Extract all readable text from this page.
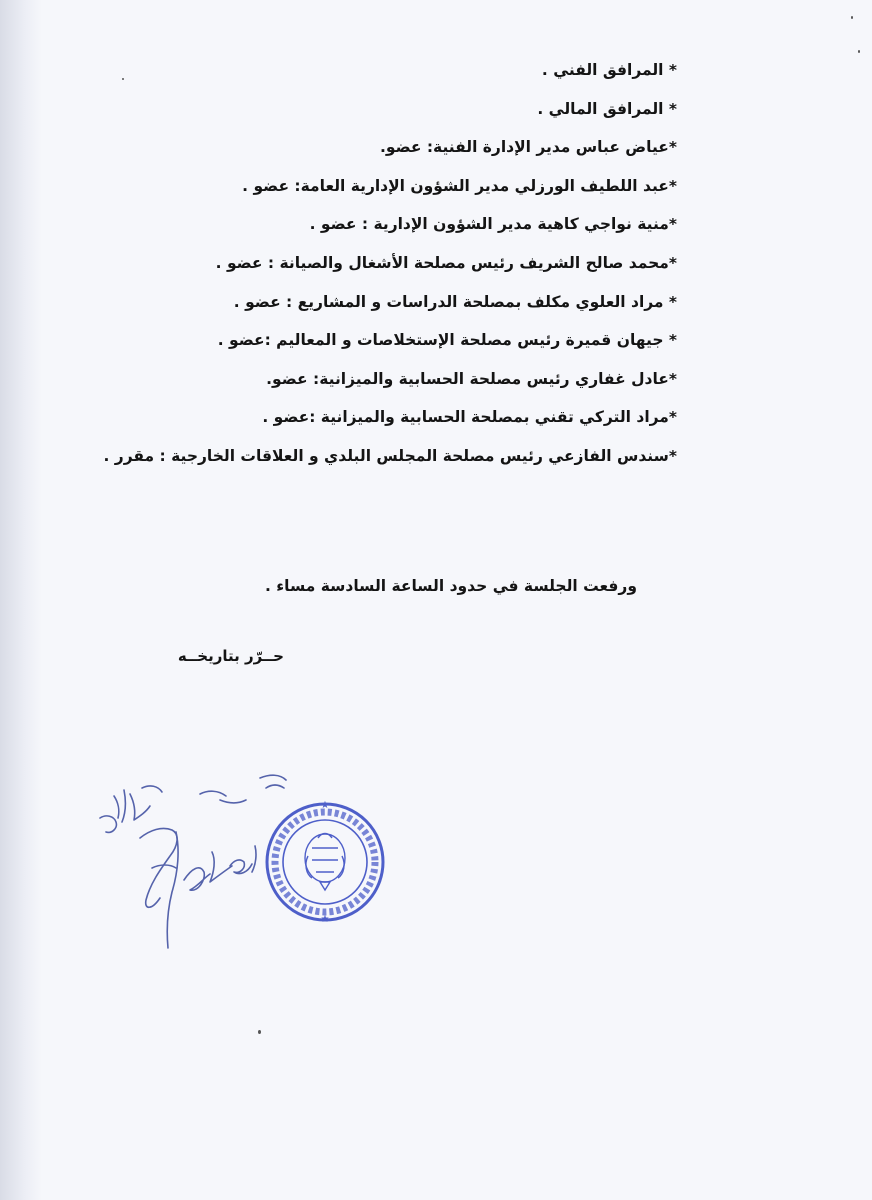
* المرافق الفني .
* المرافق المالي .
*عياض عباس مدير الإدارة الفنية: عضو.
*عبد اللطيف الورزلي مدير الشؤون الإدارية العامة: عضو .
*منية نواجي كاهية مدير الشؤون الإدارية : عضو .
*محمد صالح الشريف رئيس مصلحة الأشغال والصيانة : عضو .
* مراد العلوي مكلف بمصلحة الدراسات و المشاريع : عضو .
* جيهان قميرة رئيس مصلحة الإستخلاصات و المعاليم :عضو .
*عادل غفاري رئيس مصلحة الحسابية والميزانية: عضو.
*مراد التركي تقني بمصلحة الحسابية والميزانية :عضو .
*سندس الفازعي رئيس مصلحة المجلس البلدي و العلاقات الخارجية : مقرر .
ورفعت الجلسة في حدود الساعة السادسة مساء .
حــرّر بتاريخــه
★
★
